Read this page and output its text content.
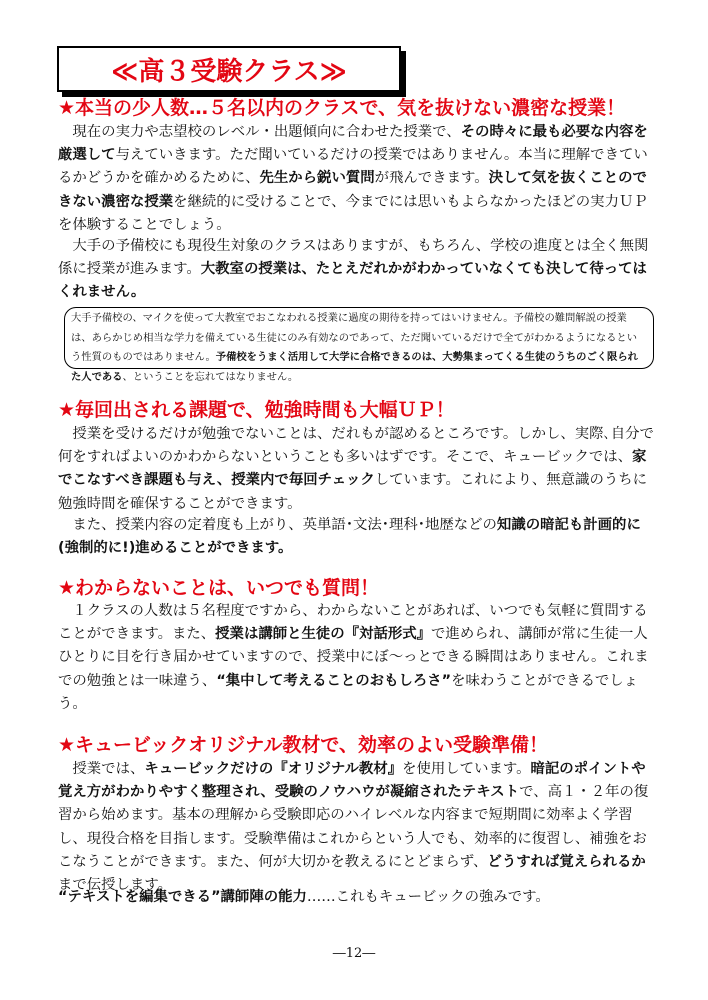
≪高３受験クラス≫
★本当の少人数…５名以内のクラスで、気を抜けない濃密な授業！
　現在の実力や志望校のレベル・出題傾向に合わせた授業で、その時々に最も必要な内容を厳選して与えていきます。ただ聞いているだけの授業ではありません。本当に理解できているかどうかを確かめるために、先生から鋭い質問が飛んできます。決して気を抜くことのできない濃密な授業を継続的に受けることで、今までには思いもよらなかったほどの実力ＵＰを体験することでしょう。
　大手の予備校にも現役生対象のクラスはありますが、もちろん、学校の進度とは全く無関係に授業が進みます。大教室の授業は、たとえだれかがわかっていなくても決して待ってはくれません。
大手予備校の、マイクを使って大教室でおこなわれる授業に過度の期待を持ってはいけません。予備校の難問解説の授業は、あらかじめ相当な学力を備えている生徒にのみ有効なのであって、ただ聞いているだけで全てがわかるようになるという性質のものではありません。予備校をうまく活用して大学に合格できるのは、大勢集まってくる生徒のうちのごく限られた人である、ということを忘れてはなりません。
★毎回出される課題で、勉強時間も大幅ＵＰ！
　授業を受けるだけが勉強でないことは、だれもが認めるところです。しかし、実際､自分で何をすればよいのかわからないということも多いはずです。そこで、キュービックでは、家でこなすべき課題も与え、授業内で毎回チェックしています。これにより、無意識のうちに勉強時間を確保することができます。
　また、授業内容の定着度も上がり、英単語･文法･理科･地歴などの知識の暗記も計画的に(強制的に!)進めることができます。
★わからないことは、いつでも質問！
　１クラスの人数は５名程度ですから、わからないことがあれば、いつでも気軽に質問することができます。また、授業は講師と生徒の『対話形式』で進められ、講師が常に生徒一人ひとりに目を行き届かせていますので、授業中にぼ～っとできる瞬間はありません。これまでの勉強とは一味違う、“集中して考えることのおもしろさ”を味わうことができるでしょう。
★キュービックオリジナル教材で、効率のよい受験準備！
　授業では、キュービックだけの『オリジナル教材』を使用しています。暗記のポイントや覚え方がわかりやすく整理され、受験のノウハウが凝縮されたテキストで、高１・２年の復習から始めます。基本の理解から受験即応のハイレベルな内容まで短期間に効率よく学習し、現役合格を目指します。受験準備はこれからという人でも、効率的に復習し、補強をおこなうことができます。また、何が大切かを教えるにとどまらず、どうすれば覚えられるかまで伝授します。
“テキストを編集できる”講師陣の能力……これもキュービックの強みです。
―12―
